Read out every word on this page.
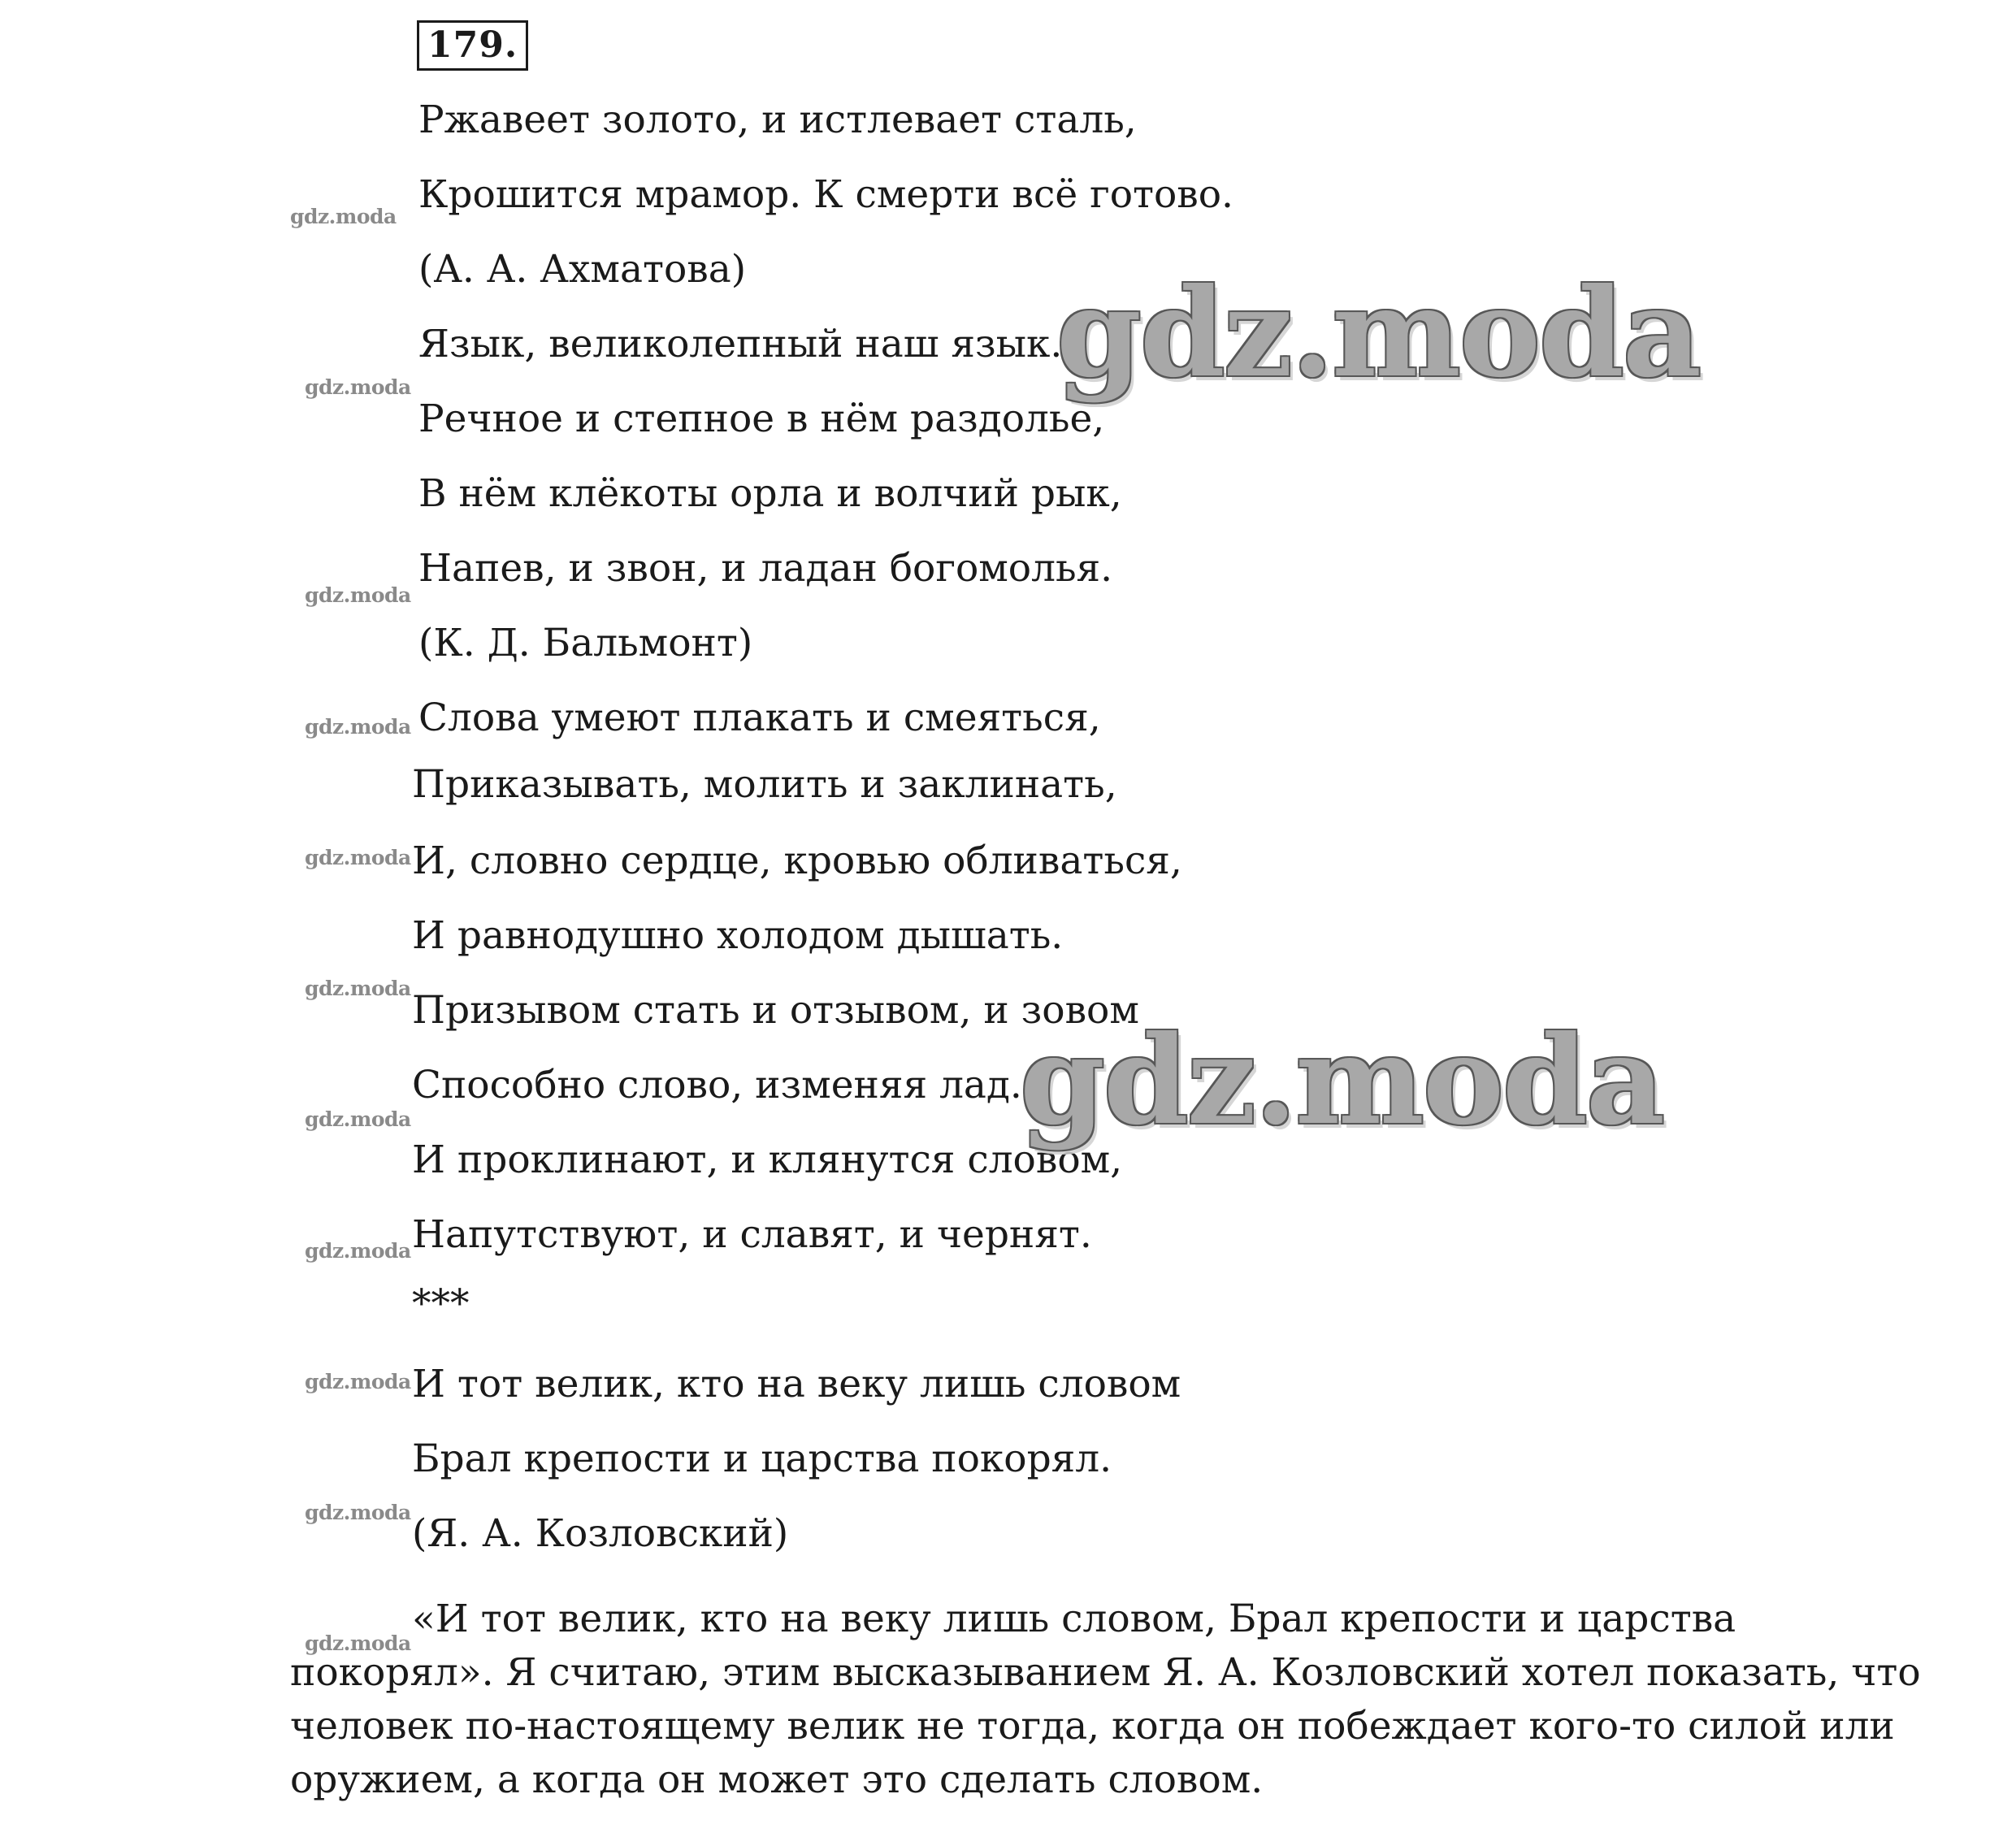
179.
Ржавеет золото, и истлевает сталь,
Крошится мрамор. К смерти всё готово.
(А. А. Ахматова)
Язык, великолепный наш язык.
Речное и степное в нём раздолье,
В нём клёкоты орла и волчий рык,
Напев, и звон, и ладан богомолья.
(К. Д. Бальмонт)
Слова умеют плакать и смеяться,
Приказывать, молить и заклинать,
И, словно сердце, кровью обливаться,
И равнодушно холодом дышать.
Призывом стать и отзывом, и зовом
Способно слово, изменяя лад.
И проклинают, и клянутся словом,
Напутствуют, и славят, и чернят.
***
И тот велик, кто на веку лишь словом
Брал крепости и царства покорял.
(Я. А. Козловский)
«И тот велик, кто на веку лишь словом, Брал крепости и царства покорял». Я считаю, этим высказыванием Я. А. Козловский хотел показать, что человек по-настоящему велик не тогда, когда он побеждает кого-то силой или оружием, а когда он может это сделать словом.
gdz.moda
gdz.moda
gdz.moda
gdz.moda
gdz.moda
gdz.moda
gdz.moda
gdz.moda
gdz.moda
gdz.moda
gdz.moda
gdz.moda
gdz.moda
